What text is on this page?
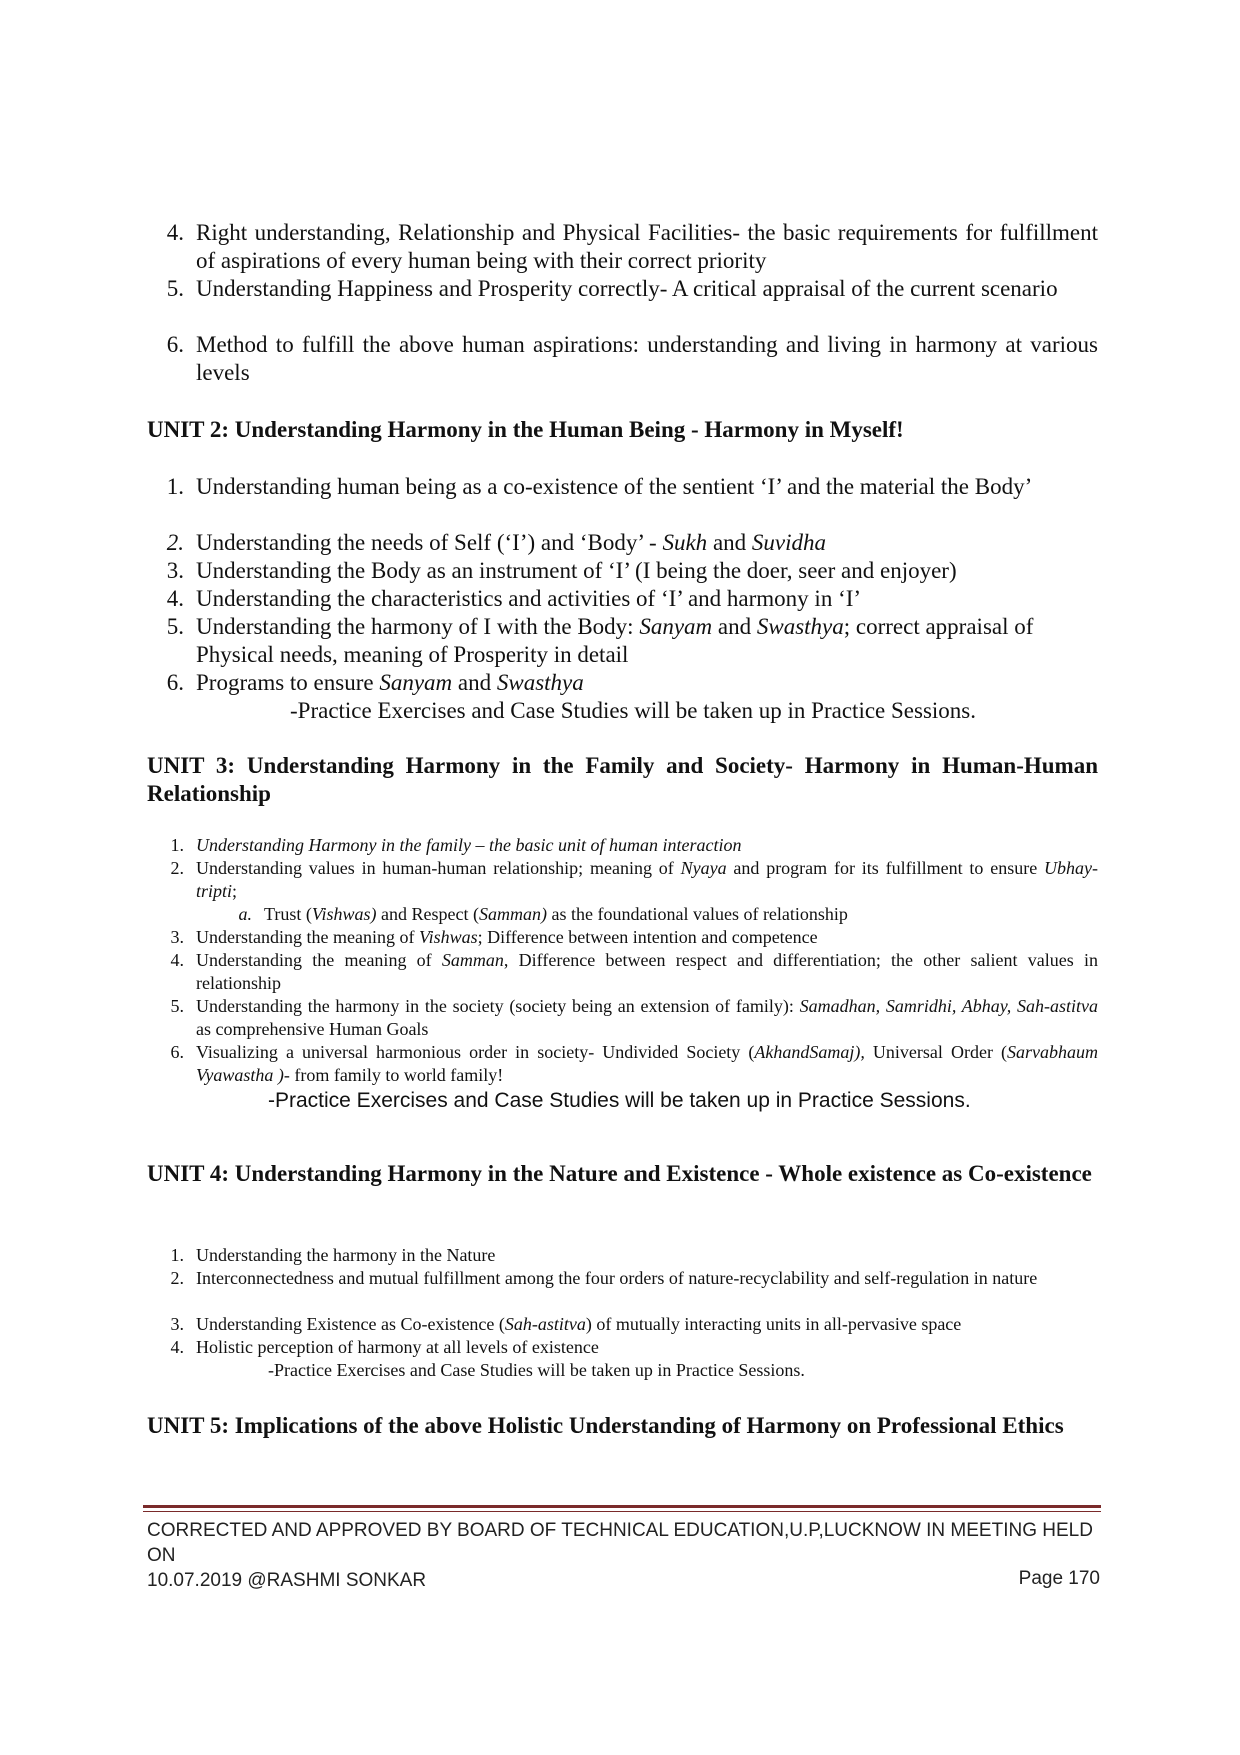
4. Right understanding, Relationship and Physical Facilities- the basic requirements for fulfillment of aspirations of every human being with their correct priority
5. Understanding Happiness and Prosperity correctly- A critical appraisal of the current scenario
6. Method to fulfill the above human aspirations: understanding and living in harmony at various levels
UNIT 2: Understanding Harmony in the Human Being - Harmony in Myself!
1. Understanding human being as a co-existence of the sentient ‘I’ and the material the Body’
2. Understanding the needs of Self (‘I’) and ‘Body’ - Sukh and Suvidha
3. Understanding the Body as an instrument of ‘I’ (I being the doer, seer and enjoyer)
4. Understanding the characteristics and activities of ‘I’ and harmony in ‘I’
5. Understanding the harmony of I with the Body: Sanyam and Swasthya; correct appraisal of Physical needs, meaning of Prosperity in detail
6. Programs to ensure Sanyam and Swasthya
-Practice Exercises and Case Studies will be taken up in Practice Sessions.
UNIT 3: Understanding Harmony in the Family and Society- Harmony in Human-Human Relationship
1. Understanding Harmony in the family – the basic unit of human interaction
2. Understanding values in human-human relationship; meaning of Nyaya and program for its fulfillment to ensure Ubhay-tripti;
a. Trust (Vishwas) and Respect (Samman) as the foundational values of relationship
3. Understanding the meaning of Vishwas; Difference between intention and competence
4. Understanding the meaning of Samman, Difference between respect and differentiation; the other salient values in relationship
5. Understanding the harmony in the society (society being an extension of family): Samadhan, Samridhi, Abhay, Sah-astitva as comprehensive Human Goals
6. Visualizing a universal harmonious order in society- Undivided Society (AkhandSamaj), Universal Order (Sarvabhaum Vyawastha )- from family to world family!
-Practice Exercises and Case Studies will be taken up in Practice Sessions.
UNIT 4: Understanding Harmony in the Nature and Existence - Whole existence as Co-existence
1. Understanding the harmony in the Nature
2. Interconnectedness and mutual fulfillment among the four orders of nature-recyclability and self-regulation in nature
3. Understanding Existence as Co-existence (Sah-astitva) of mutually interacting units in all-pervasive space
4. Holistic perception of harmony at all levels of existence
-Practice Exercises and Case Studies will be taken up in Practice Sessions.
UNIT 5: Implications of the above Holistic Understanding of Harmony on Professional Ethics
CORRECTED AND APPROVED BY BOARD OF TECHNICAL EDUCATION,U.P,LUCKNOW IN MEETING HELD ON
10.07.2019 @RASHMI SONKAR	Page 170
